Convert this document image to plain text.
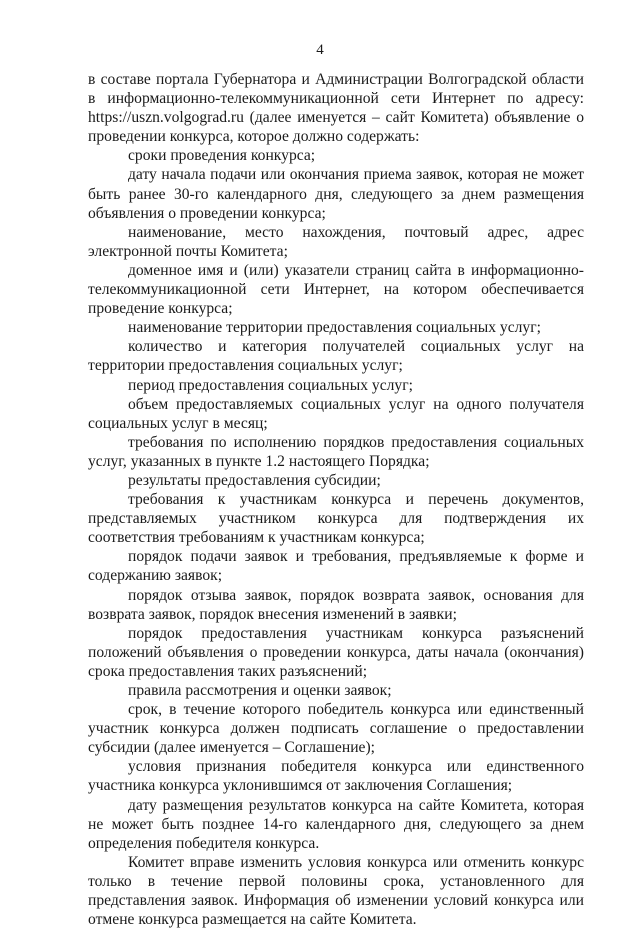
4

в составе портала Губернатора и Администрации Волгоградской области в информационно-телекоммуникационной сети Интернет по адресу: https://uszn.volgograd.ru (далее именуется – сайт Комитета) объявление о проведении конкурса, которое должно содержать:

сроки проведения конкурса;

дату начала подачи или окончания приема заявок, которая не может быть ранее 30-го календарного дня, следующего за днем размещения объявления о проведении конкурса;

наименование, место нахождения, почтовый адрес, адрес электронной почты Комитета;

доменное имя и (или) указатели страниц сайта в информационно-телекоммуникационной сети Интернет, на котором обеспечивается проведение конкурса;

наименование территории предоставления социальных услуг;

количество и категория получателей социальных услуг на территории предоставления социальных услуг;

период предоставления социальных услуг;

объем предоставляемых социальных услуг на одного получателя социальных услуг в месяц;

требования по исполнению порядков предоставления социальных услуг, указанных в пункте 1.2 настоящего Порядка;

результаты предоставления субсидии;

требования к участникам конкурса и перечень документов, представляемых участником конкурса для подтверждения их соответствия требованиям к участникам конкурса;

порядок подачи заявок и требования, предъявляемые к форме и содержанию заявок;

порядок отзыва заявок, порядок возврата заявок, основания для возврата заявок, порядок внесения изменений в заявки;

порядок предоставления участникам конкурса разъяснений положений объявления о проведении конкурса, даты начала (окончания) срока предоставления таких разъяснений;

правила рассмотрения и оценки заявок;

срок, в течение которого победитель конкурса или единственный участник конкурса должен подписать соглашение о предоставлении субсидии (далее именуется – Соглашение);

условия признания победителя конкурса или единственного участника конкурса уклонившимся от заключения Соглашения;

дату размещения результатов конкурса на сайте Комитета, которая не может быть позднее 14-го календарного дня, следующего за днем определения победителя конкурса.

Комитет вправе изменить условия конкурса или отменить конкурс только в течение первой половины срока, установленного для представления заявок. Информация об изменении условий конкурса или отмене конкурса размещается на сайте Комитета.
